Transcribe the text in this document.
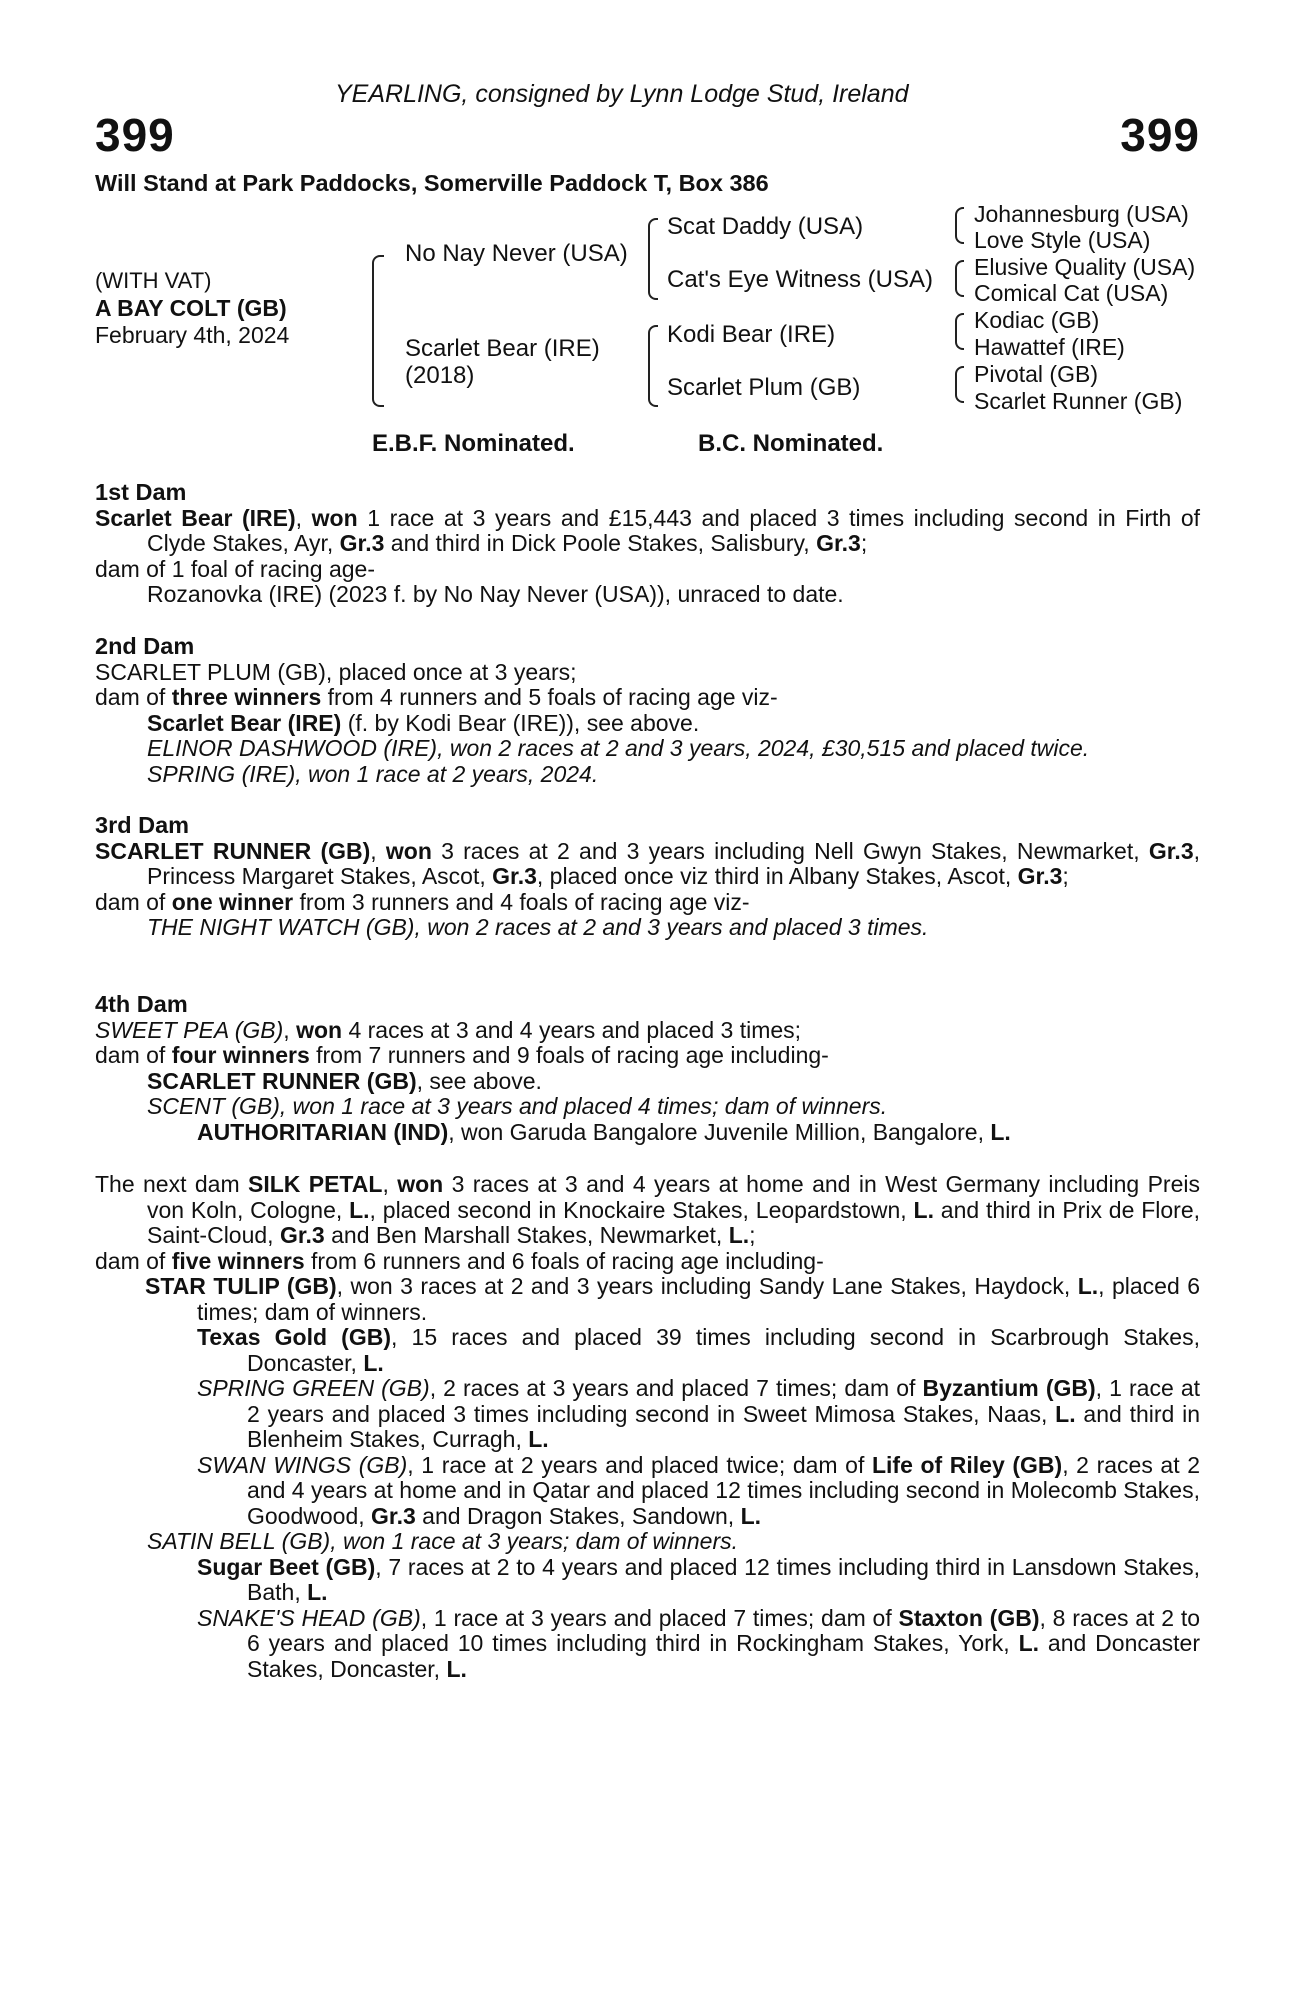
YEARLING, consigned by Lynn Lodge Stud, Ireland
399	399
Will Stand at Park Paddocks, Somerville Paddock T, Box 386
(WITH VAT)
A BAY COLT (GB)
February 4th, 2024
No Nay Never (USA)
Scarlet Bear (IRE)
(2018)
Scat Daddy (USA)
Cat's Eye Witness (USA)
Kodi Bear (IRE)
Scarlet Plum (GB)
Johannesburg (USA)
Love Style (USA)
Elusive Quality (USA)
Comical Cat (USA)
Kodiac (GB)
Hawattef (IRE)
Pivotal (GB)
Scarlet Runner (GB)
E.B.F. Nominated.	B.C. Nominated.
1st Dam
Scarlet Bear (IRE), won 1 race at 3 years and £15,443 and placed 3 times including second in Firth of Clyde Stakes, Ayr, Gr.3 and third in Dick Poole Stakes, Salisbury, Gr.3;
dam of 1 foal of racing age-
Rozanovka (IRE) (2023 f. by No Nay Never (USA)), unraced to date.
2nd Dam
SCARLET PLUM (GB), placed once at 3 years;
dam of three winners from 4 runners and 5 foals of racing age viz-
Scarlet Bear (IRE) (f. by Kodi Bear (IRE)), see above.
ELINOR DASHWOOD (IRE), won 2 races at 2 and 3 years, 2024, £30,515 and placed twice.
SPRING (IRE), won 1 race at 2 years, 2024.
3rd Dam
SCARLET RUNNER (GB), won 3 races at 2 and 3 years including Nell Gwyn Stakes, Newmarket, Gr.3, Princess Margaret Stakes, Ascot, Gr.3, placed once viz third in Albany Stakes, Ascot, Gr.3;
dam of one winner from 3 runners and 4 foals of racing age viz-
THE NIGHT WATCH (GB), won 2 races at 2 and 3 years and placed 3 times.
4th Dam
SWEET PEA (GB), won 4 races at 3 and 4 years and placed 3 times;
dam of four winners from 7 runners and 9 foals of racing age including-
SCARLET RUNNER (GB), see above.
SCENT (GB), won 1 race at 3 years and placed 4 times; dam of winners.
AUTHORITARIAN (IND), won Garuda Bangalore Juvenile Million, Bangalore, L.
The next dam SILK PETAL, won 3 races at 3 and 4 years at home and in West Germany including Preis von Koln, Cologne, L., placed second in Knockaire Stakes, Leopardstown, L. and third in Prix de Flore, Saint-Cloud, Gr.3 and Ben Marshall Stakes, Newmarket, L.;
dam of five winners from 6 runners and 6 foals of racing age including-
STAR TULIP (GB), won 3 races at 2 and 3 years including Sandy Lane Stakes, Haydock, L., placed 6 times; dam of winners.
Texas Gold (GB), 15 races and placed 39 times including second in Scarbrough Stakes, Doncaster, L.
SPRING GREEN (GB), 2 races at 3 years and placed 7 times; dam of Byzantium (GB), 1 race at 2 years and placed 3 times including second in Sweet Mimosa Stakes, Naas, L. and third in Blenheim Stakes, Curragh, L.
SWAN WINGS (GB), 1 race at 2 years and placed twice; dam of Life of Riley (GB), 2 races at 2 and 4 years at home and in Qatar and placed 12 times including second in Molecomb Stakes, Goodwood, Gr.3 and Dragon Stakes, Sandown, L.
SATIN BELL (GB), won 1 race at 3 years; dam of winners.
Sugar Beet (GB), 7 races at 2 to 4 years and placed 12 times including third in Lansdown Stakes, Bath, L.
SNAKE'S HEAD (GB), 1 race at 3 years and placed 7 times; dam of Staxton (GB), 8 races at 2 to 6 years and placed 10 times including third in Rockingham Stakes, York, L. and Doncaster Stakes, Doncaster, L.
